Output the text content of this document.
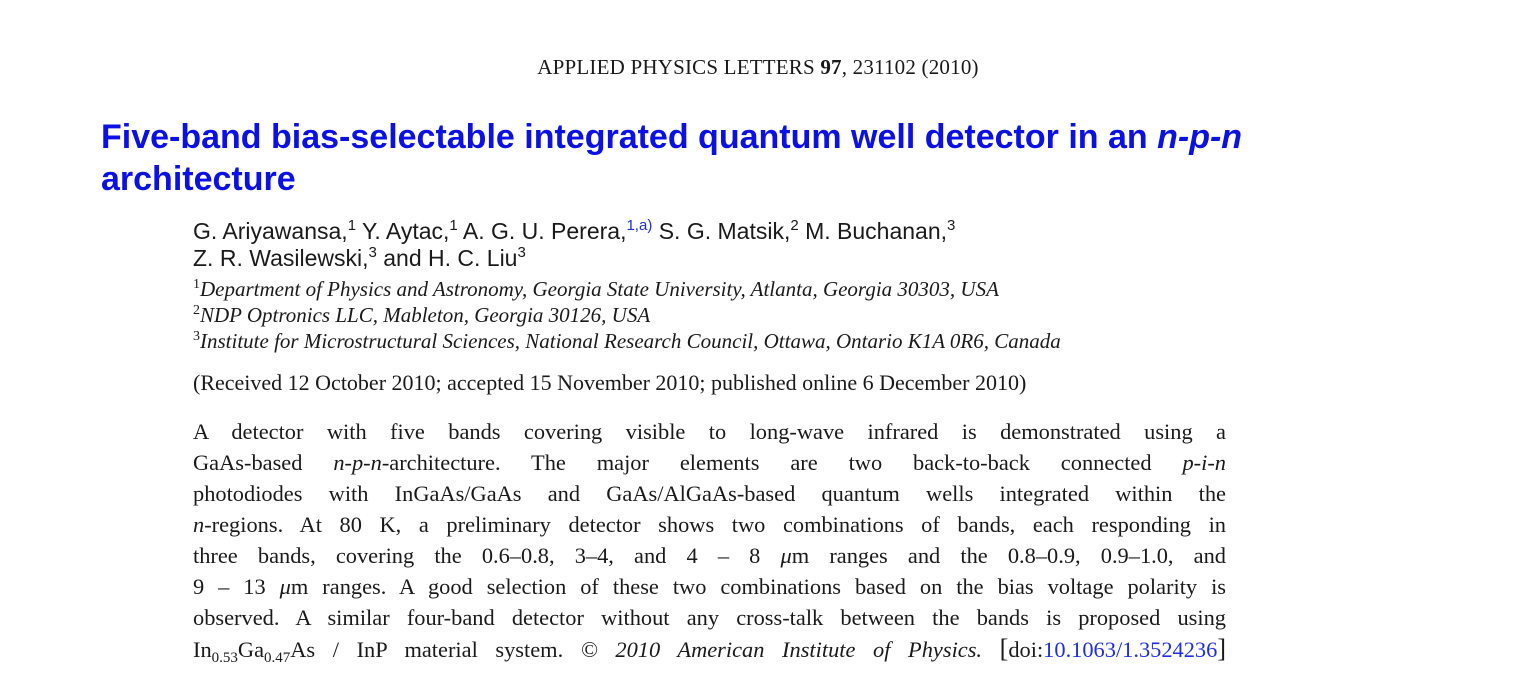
APPLIED PHYSICS LETTERS 97, 231102 (2010)
Five-band bias-selectable integrated quantum well detector in an n-p-n
architecture
G. Ariyawansa,$^1$ Y. Aytac,$^1$ A. G. U. Perera,$^{1,a)}$ S. G. Matsik,$^2$ M. Buchanan,$^3$
Z. R. Wasilewski,$^3$ and H. C. Liu$^3$
$^1$Department of Physics and Astronomy, Georgia State University, Atlanta, Georgia 30303, USA
$^2$NDP Optronics LLC, Mableton, Georgia 30126, USA
$^3$Institute for Microstructural Sciences, National Research Council, Ottawa, Ontario K1A 0R6, Canada
(Received 12 October 2010; accepted 15 November 2010; published online 6 December 2010)
A detector with five bands covering visible to long-wave infrared is demonstrated using a
GaAs-based n-p-n-architecture. The major elements are two back-to-back connected p-i-n
photodiodes with InGaAs/GaAs and GaAs/AlGaAs-based quantum wells integrated within the
n-regions. At 80 K, a preliminary detector shows two combinations of bands, each responding in
three bands, covering the 0.6–0.8, 3–4, and 4 – 8 μm ranges and the 0.8–0.9, 0.9–1.0, and
9 – 13 μm ranges. A good selection of these two combinations based on the bias voltage polarity is
observed. A similar four-band detector without any cross-talk between the bands is proposed using
$In_{0.53}Ga_{0.47}As$ / InP material system. © 2010 American Institute of Physics. [doi:10.1063/1.3524236]
